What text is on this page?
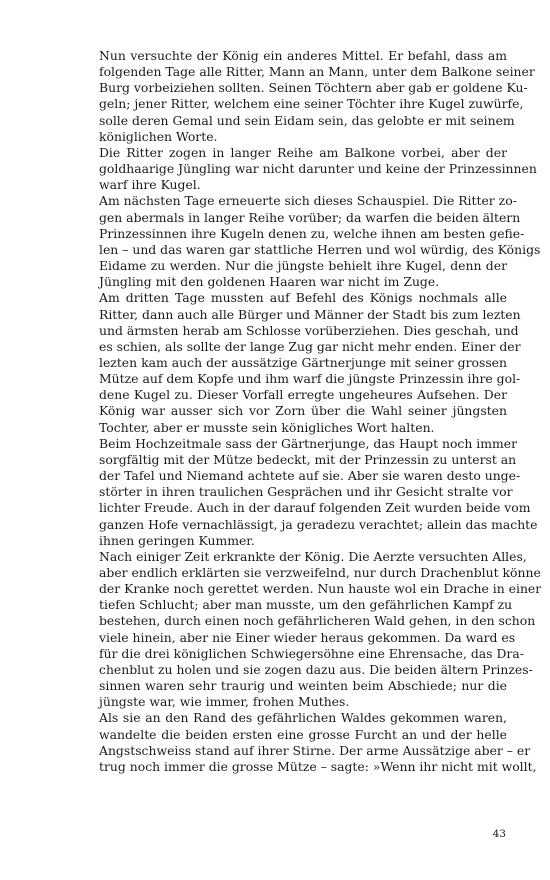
Nun versuchte der König ein anderes Mittel. Er befahl, dass am
folgenden Tage alle Ritter, Mann an Mann, unter dem Balkone seiner
Burg vorbeiziehen sollten. Seinen Töchtern aber gab er goldene Ku-
geln; jener Ritter, welchem eine seiner Töchter ihre Kugel zuwürfe,
solle deren Gemal und sein Eidam sein, das gelobte er mit seinem
königlichen Worte.

Die Ritter zogen in langer Reihe am Balkone vorbei, aber der
goldhaarige Jüngling war nicht darunter und keine der Prinzessinnen
warf ihre Kugel.

Am nächsten Tage erneuerte sich dieses Schauspiel. Die Ritter zo-
gen abermals in langer Reihe vorüber; da warfen die beiden ältern
Prinzessinnen ihre Kugeln denen zu, welche ihnen am besten gefie-
len – und das waren gar stattliche Herren und wol würdig, des Königs
Eidame zu werden. Nur die jüngste behielt ihre Kugel, denn der
Jüngling mit den goldenen Haaren war nicht im Zuge.

Am dritten Tage mussten auf Befehl des Königs nochmals alle
Ritter, dann auch alle Bürger und Männer der Stadt bis zum lezten
und ärmsten herab am Schlosse vorüberziehen. Dies geschah, und
es schien, als sollte der lange Zug gar nicht mehr enden. Einer der
lezten kam auch der aussätzige Gärtnerjunge mit seiner grossen
Mütze auf dem Kopfe und ihm warf die jüngste Prinzessin ihre gol-
dene Kugel zu. Dieser Vorfall erregte ungeheures Aufsehen. Der
König war ausser sich vor Zorn über die Wahl seiner jüngsten
Tochter, aber er musste sein königliches Wort halten.

Beim Hochzeitmale sass der Gärtnerjunge, das Haupt noch immer
sorgfältig mit der Mütze bedeckt, mit der Prinzessin zu unterst an
der Tafel und Niemand achtete auf sie. Aber sie waren desto unge-
störter in ihren traulichen Gesprächen und ihr Gesicht stralte vor
lichter Freude. Auch in der darauf folgenden Zeit wurden beide vom
ganzen Hofe vernachlässigt, ja geradezu verachtet; allein das machte
ihnen geringen Kummer.

Nach einiger Zeit erkrankte der König. Die Aerzte versuchten Alles,
aber endlich erklärten sie verzweifelnd, nur durch Drachenblut könne
der Kranke noch gerettet werden. Nun hauste wol ein Drache in einer
tiefen Schlucht; aber man musste, um den gefährlichen Kampf zu
bestehen, durch einen noch gefährlicheren Wald gehen, in den schon
viele hinein, aber nie Einer wieder heraus gekommen. Da ward es
für die drei königlichen Schwiegersöhne eine Ehrensache, das Dra-
chenblut zu holen und sie zogen dazu aus. Die beiden ältern Prinzes-
sinnen waren sehr traurig und weinten beim Abschiede; nur die
jüngste war, wie immer, frohen Muthes.

Als sie an den Rand des gefährlichen Waldes gekommen waren,
wandelte die beiden ersten eine grosse Furcht an und der helle
Angstschweiss stand auf ihrer Stirne. Der arme Aussätzige aber – er
trug noch immer die grosse Mütze – sagte: »Wenn ihr nicht mit wollt,

43
